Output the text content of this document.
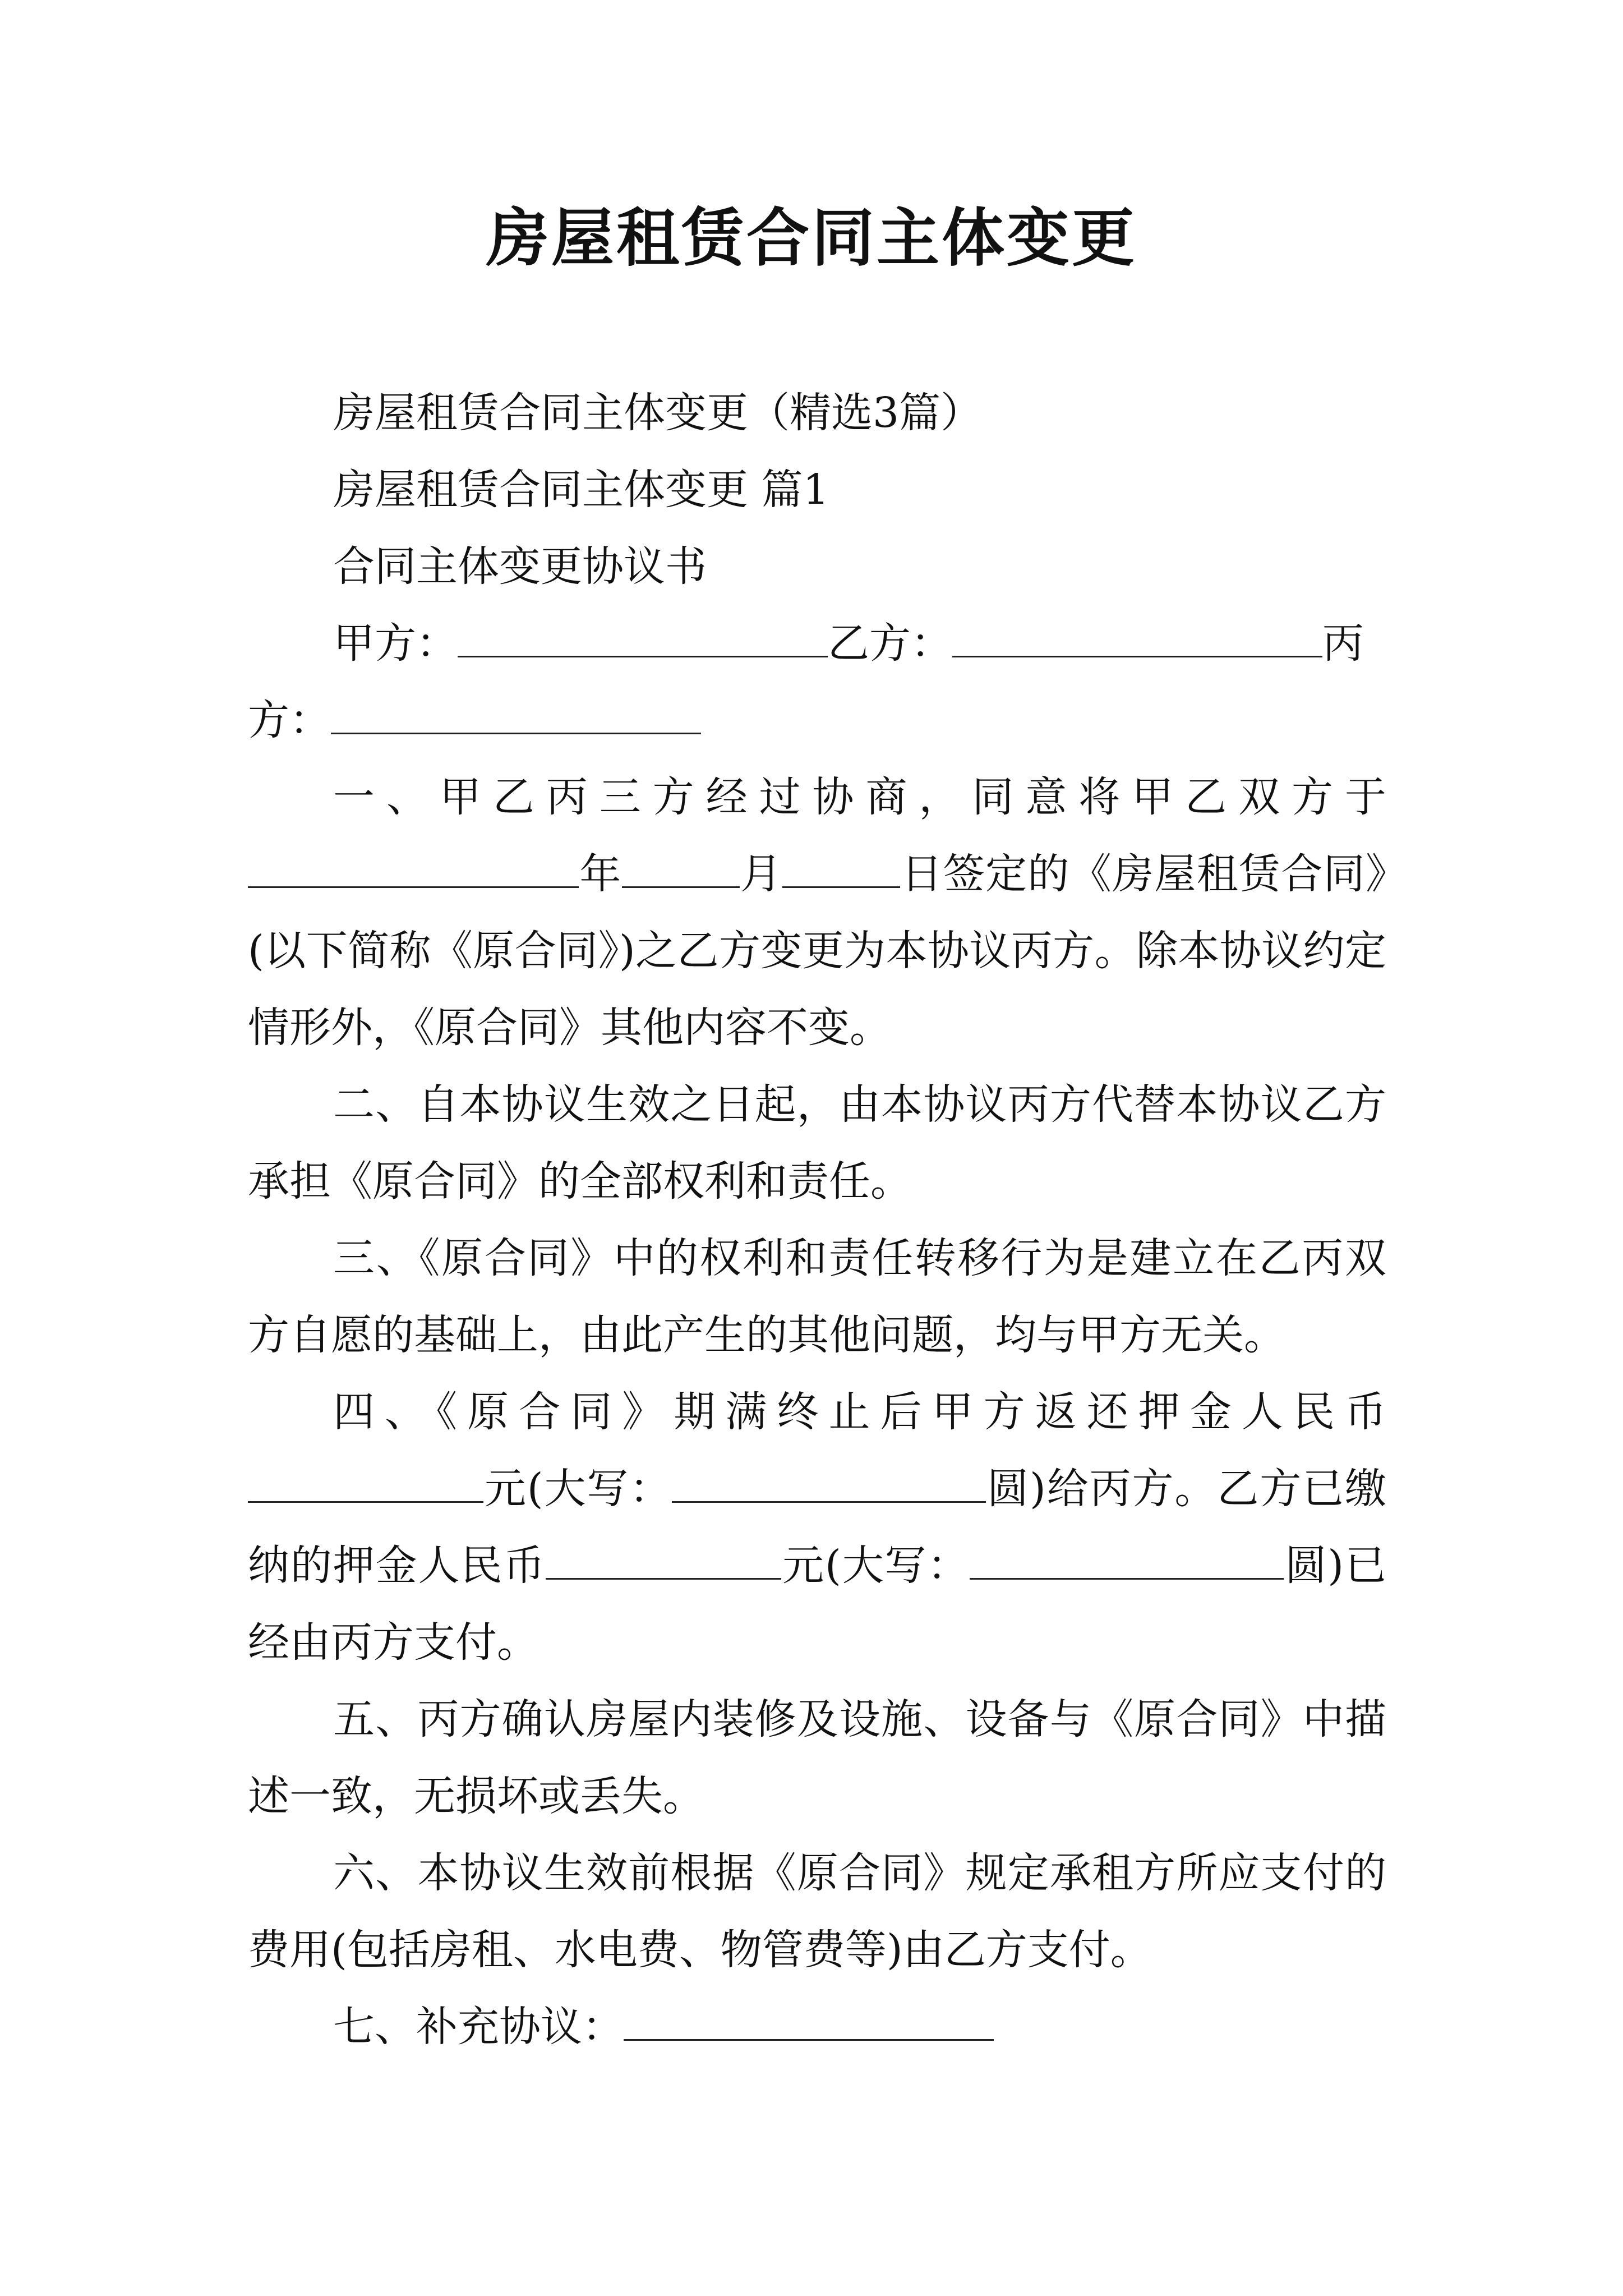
房屋租赁合同主体变更

房屋租赁合同主体变更（精选3篇）

房屋租赁合同主体变更 篇1

合同主体变更协议书

甲方：	乙方：	丙方：

一、甲乙丙三方经过协商，同意将甲乙双方于年	月	日签定的《房屋租赁合同》(以下简称《原合同》)之乙方变更为本协议丙方。除本协议约定情形外，《原合同》其他内容不变。

二、自本协议生效之日起，由本协议丙方代替本协议乙方承担《原合同》的全部权利和责任。

三、《原合同》中的权利和责任转移行为是建立在乙丙双方自愿的基础上，由此产生的其他问题，均与甲方无关。

四、《原合同》期满终止后甲方返还押金人民币元(大写：	圆)给丙方。乙方已缴纳的押金人民币	元(大写：	圆)已经由丙方支付。

五、丙方确认房屋内装修及设施、设备与《原合同》中描述一致，无损坏或丢失。

六、本协议生效前根据《原合同》规定承租方所应支付的费用(包括房租、水电费、物管费等)由乙方支付。

七、补充协议：
